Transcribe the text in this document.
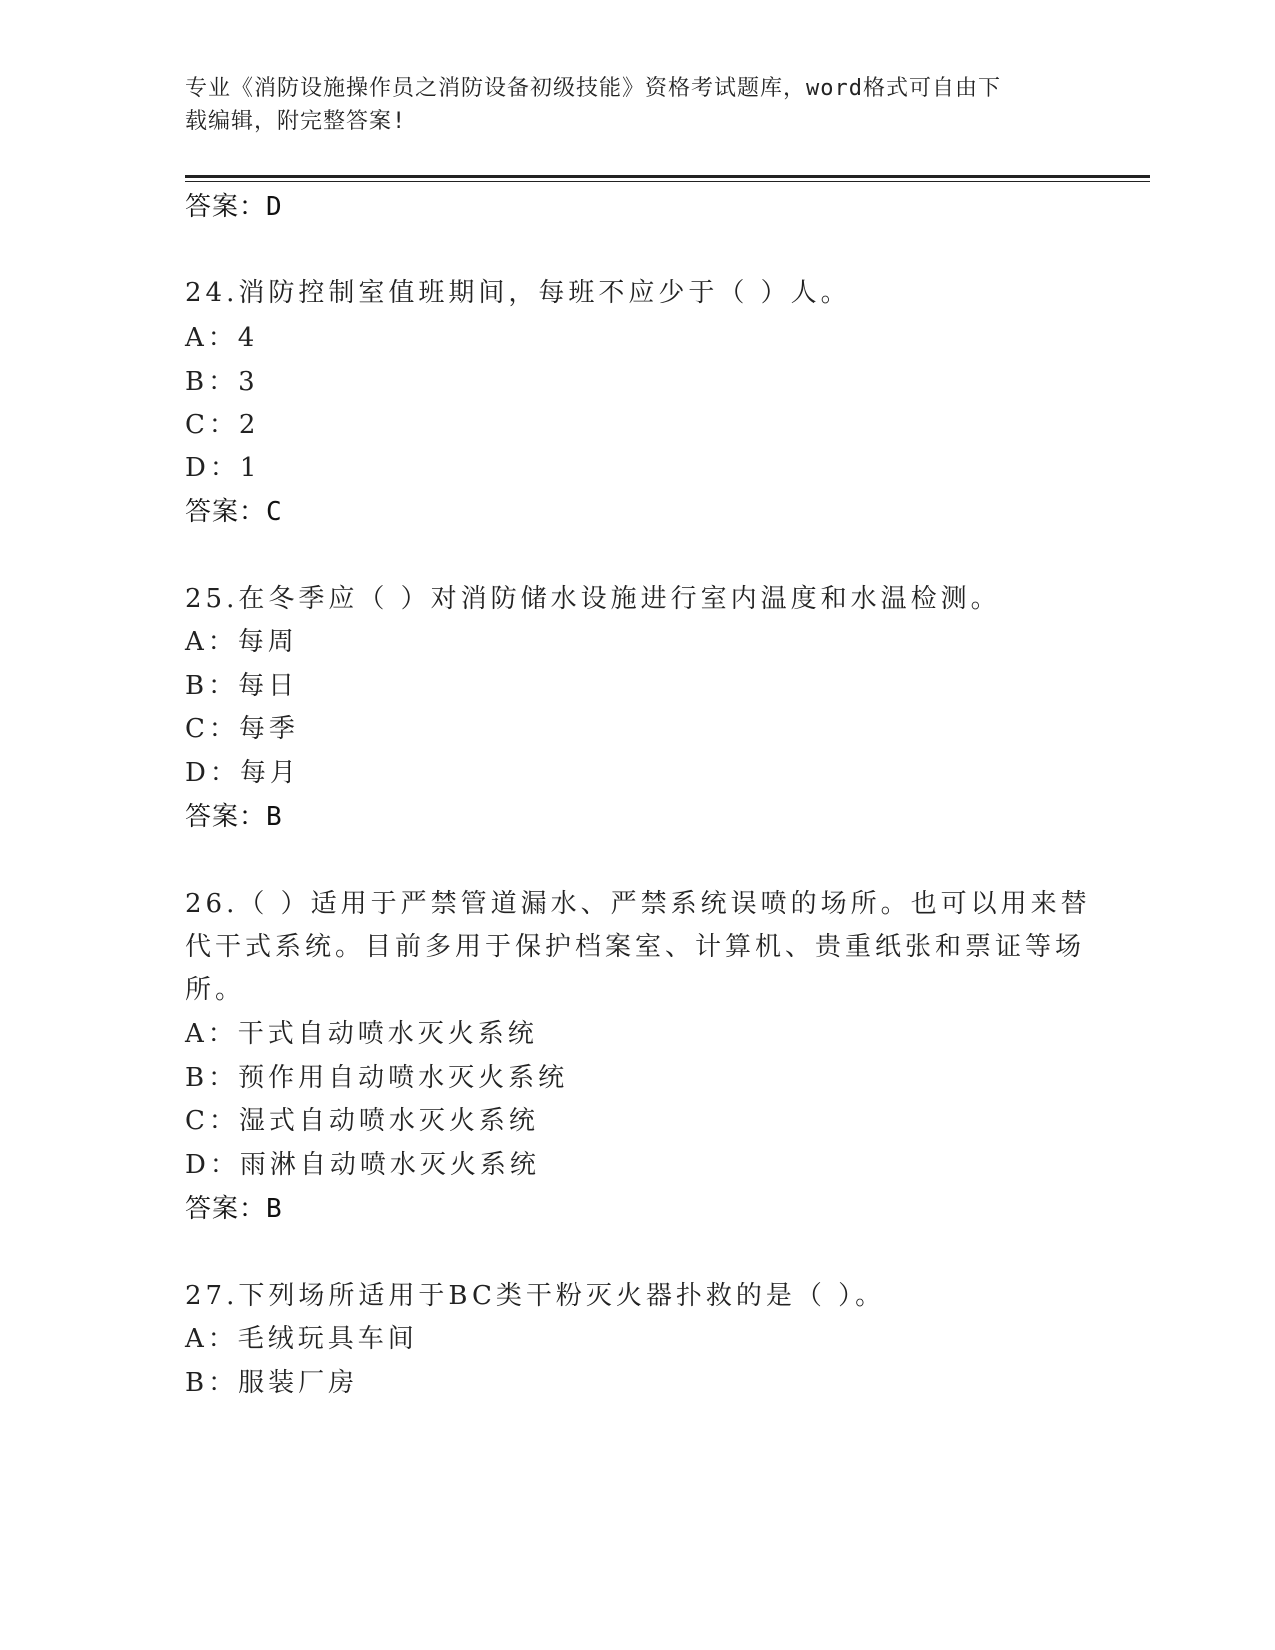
专业《消防设施操作员之消防设备初级技能》资格考试题库，word格式可自由下
载编辑，附完整答案!
答案：D
24.消防控制室值班期间，每班不应少于（ ）人。
A：4
B：3
C：2
D：1
答案：C
25.在冬季应（ ）对消防储水设施进行室内温度和水温检测。
A：每周
B：每日
C：每季
D：每月
答案：B
26.（ ）适用于严禁管道漏水、严禁系统误喷的场所。也可以用来替
代干式系统。目前多用于保护档案室、计算机、贵重纸张和票证等场
所。
A：干式自动喷水灭火系统
B：预作用自动喷水灭火系统
C：湿式自动喷水灭火系统
D：雨淋自动喷水灭火系统
答案：B
27.下列场所适用于BC类干粉灭火器扑救的是（ ）。
A：毛绒玩具车间
B：服装厂房
